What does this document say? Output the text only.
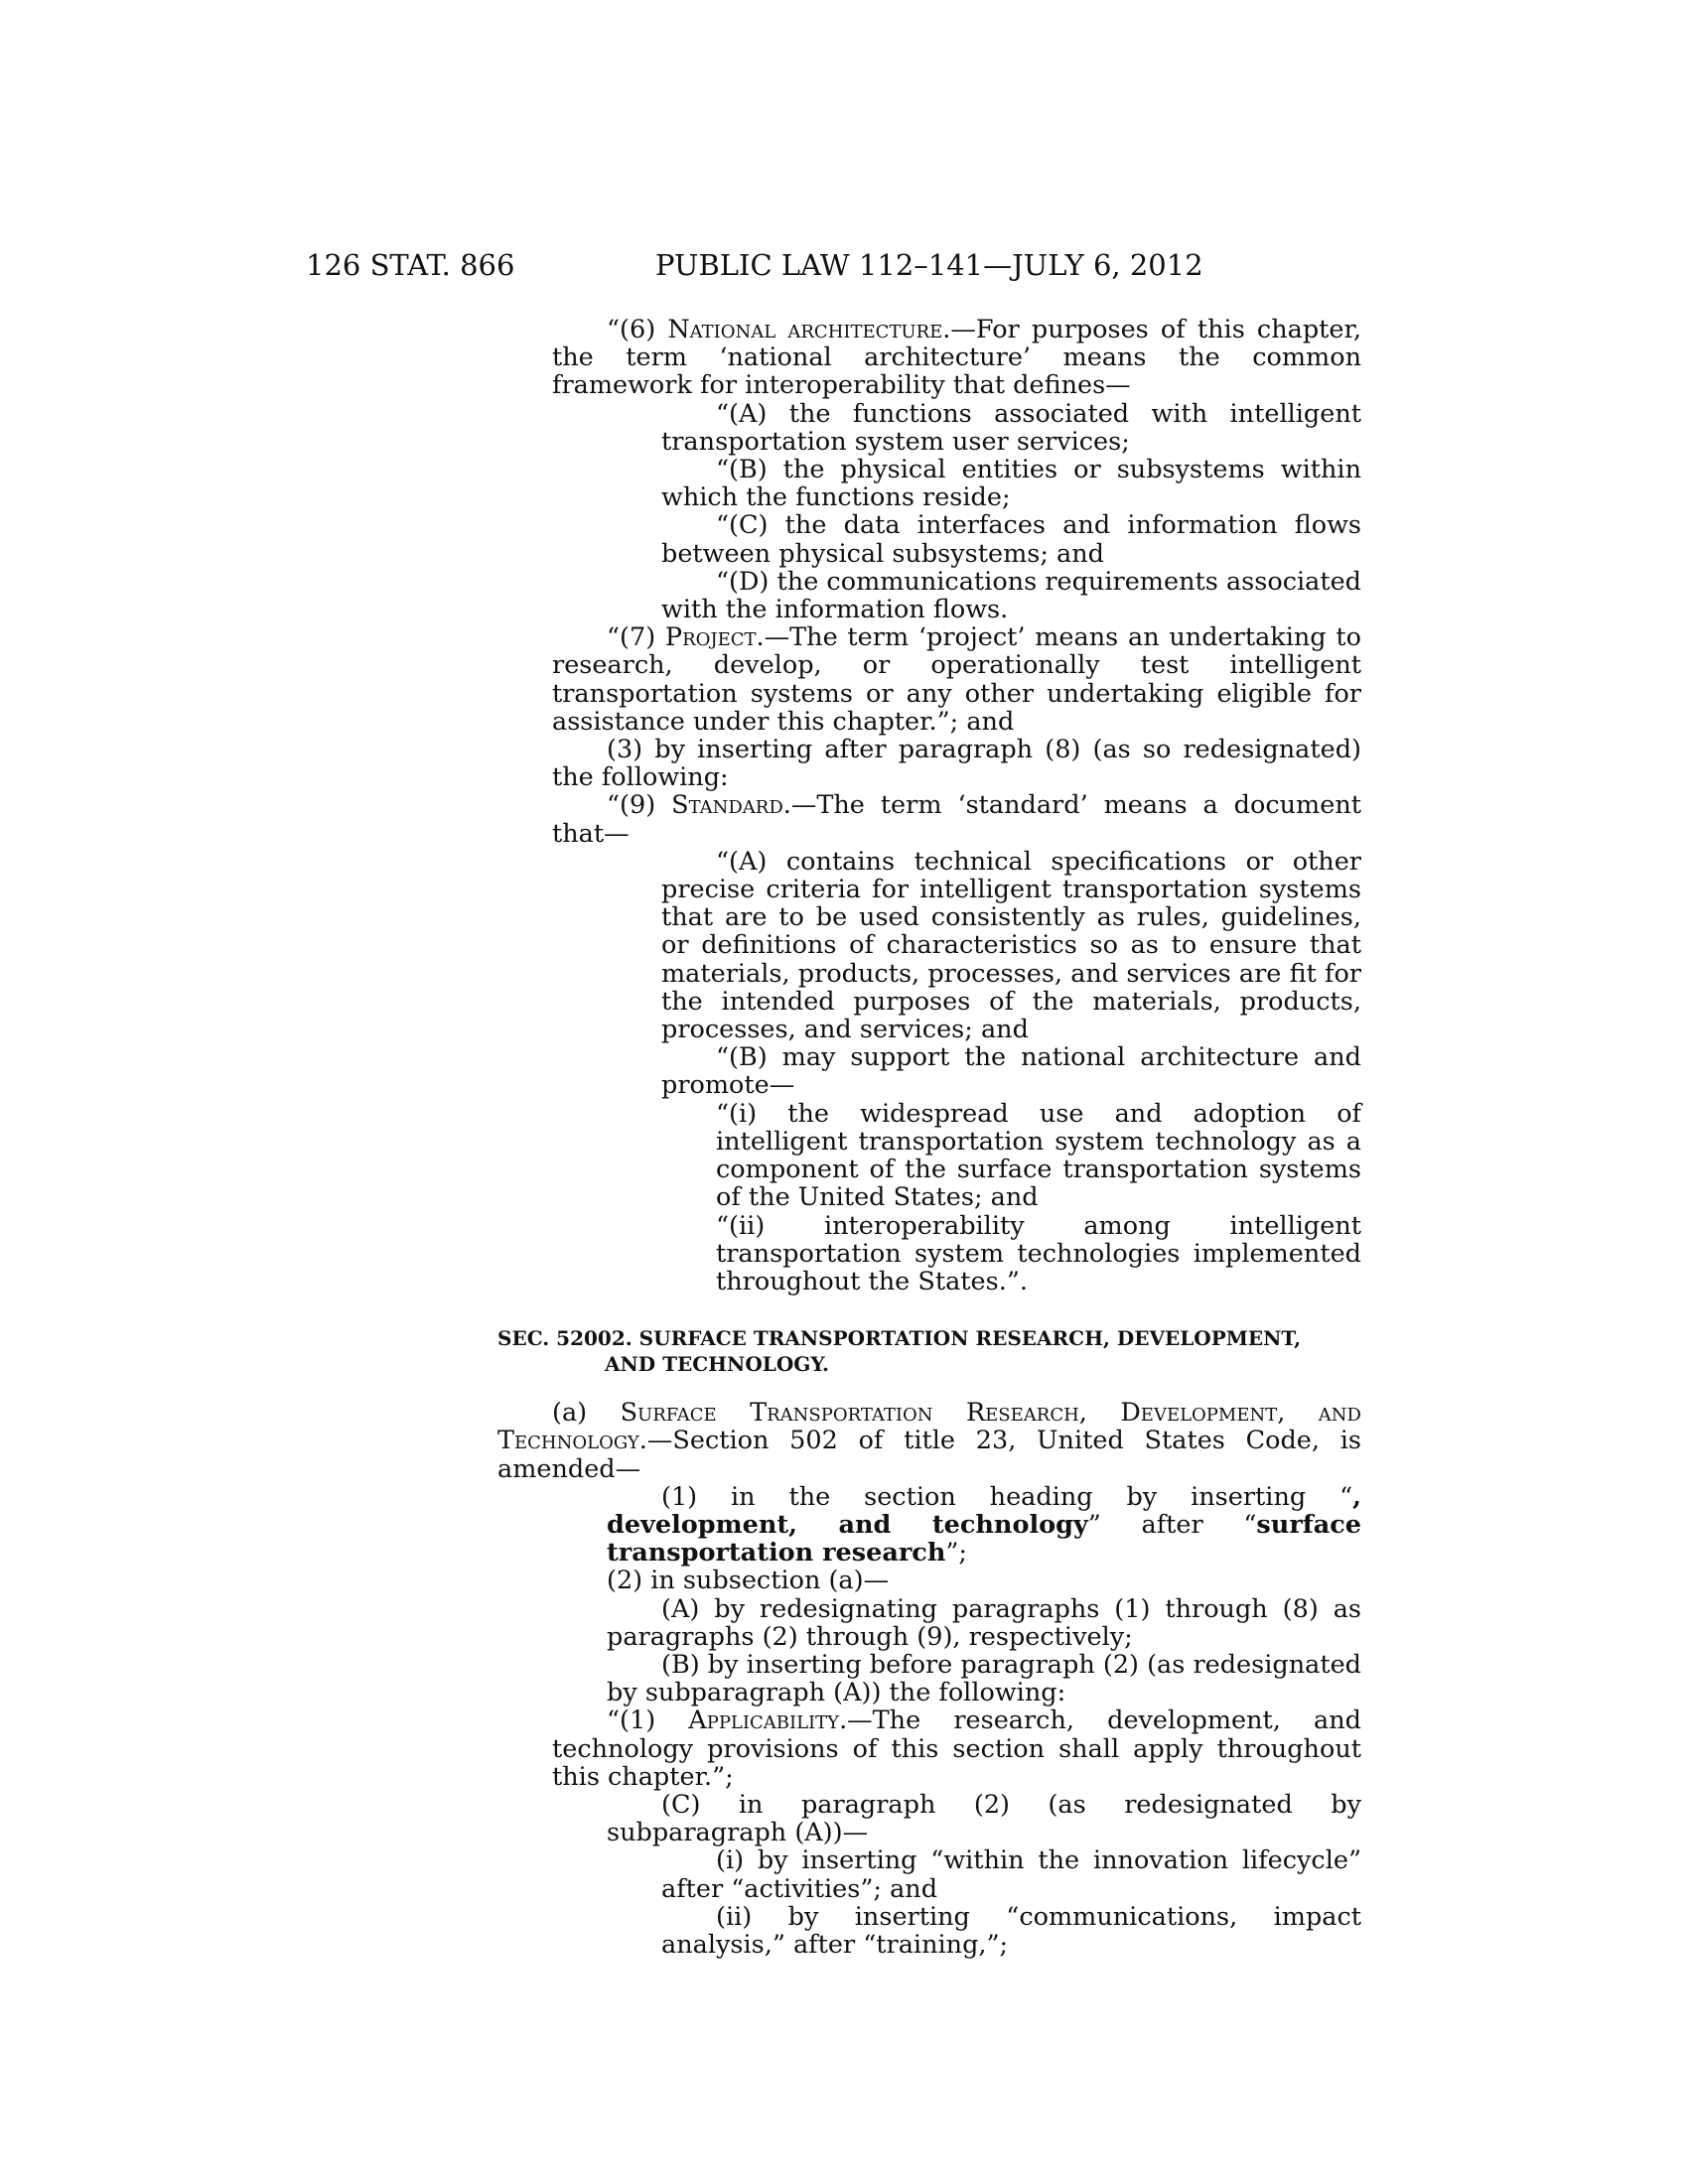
126 STAT. 866	PUBLIC LAW 112–141—JULY 6, 2012

“(6) National architecture.—For purposes of this chapter, the term ‘national architecture’ means the common framework for interoperability that defines—

“(A) the functions associated with intelligent transportation system user services;

“(B) the physical entities or subsystems within which the functions reside;

“(C) the data interfaces and information flows between physical subsystems; and

“(D) the communications requirements associated with the information flows.

“(7) Project.—The term ‘project’ means an undertaking to research, develop, or operationally test intelligent transportation systems or any other undertaking eligible for assistance under this chapter.”; and

(3) by inserting after paragraph (8) (as so redesignated) the following:

“(9) Standard.—The term ‘standard’ means a document that—

“(A) contains technical specifications or other precise criteria for intelligent transportation systems that are to be used consistently as rules, guidelines, or definitions of characteristics so as to ensure that materials, products, processes, and services are fit for the intended purposes of the materials, products, processes, and services; and

“(B) may support the national architecture and promote—

“(i) the widespread use and adoption of intelligent transportation system technology as a component of the surface transportation systems of the United States; and

“(ii) interoperability among intelligent transportation system technologies implemented throughout the States.”.

SEC. 52002. SURFACE TRANSPORTATION RESEARCH, DEVELOPMENT,
AND TECHNOLOGY.

(a) Surface Transportation Research, Development, and Technology.—Section 502 of title 23, United States Code, is amended—

(1) in the section heading by inserting “, development, and technology” after “surface transportation research”;

(2) in subsection (a)—

(A) by redesignating paragraphs (1) through (8) as paragraphs (2) through (9), respectively;

(B) by inserting before paragraph (2) (as redesignated by subparagraph (A)) the following:

“(1) Applicability.—The research, development, and technology provisions of this section shall apply throughout this chapter.”;

(C) in paragraph (2) (as redesignated by subparagraph (A))—

(i) by inserting “within the innovation lifecycle” after “activities”; and

(ii) by inserting “communications, impact analysis,” after “training,”;
